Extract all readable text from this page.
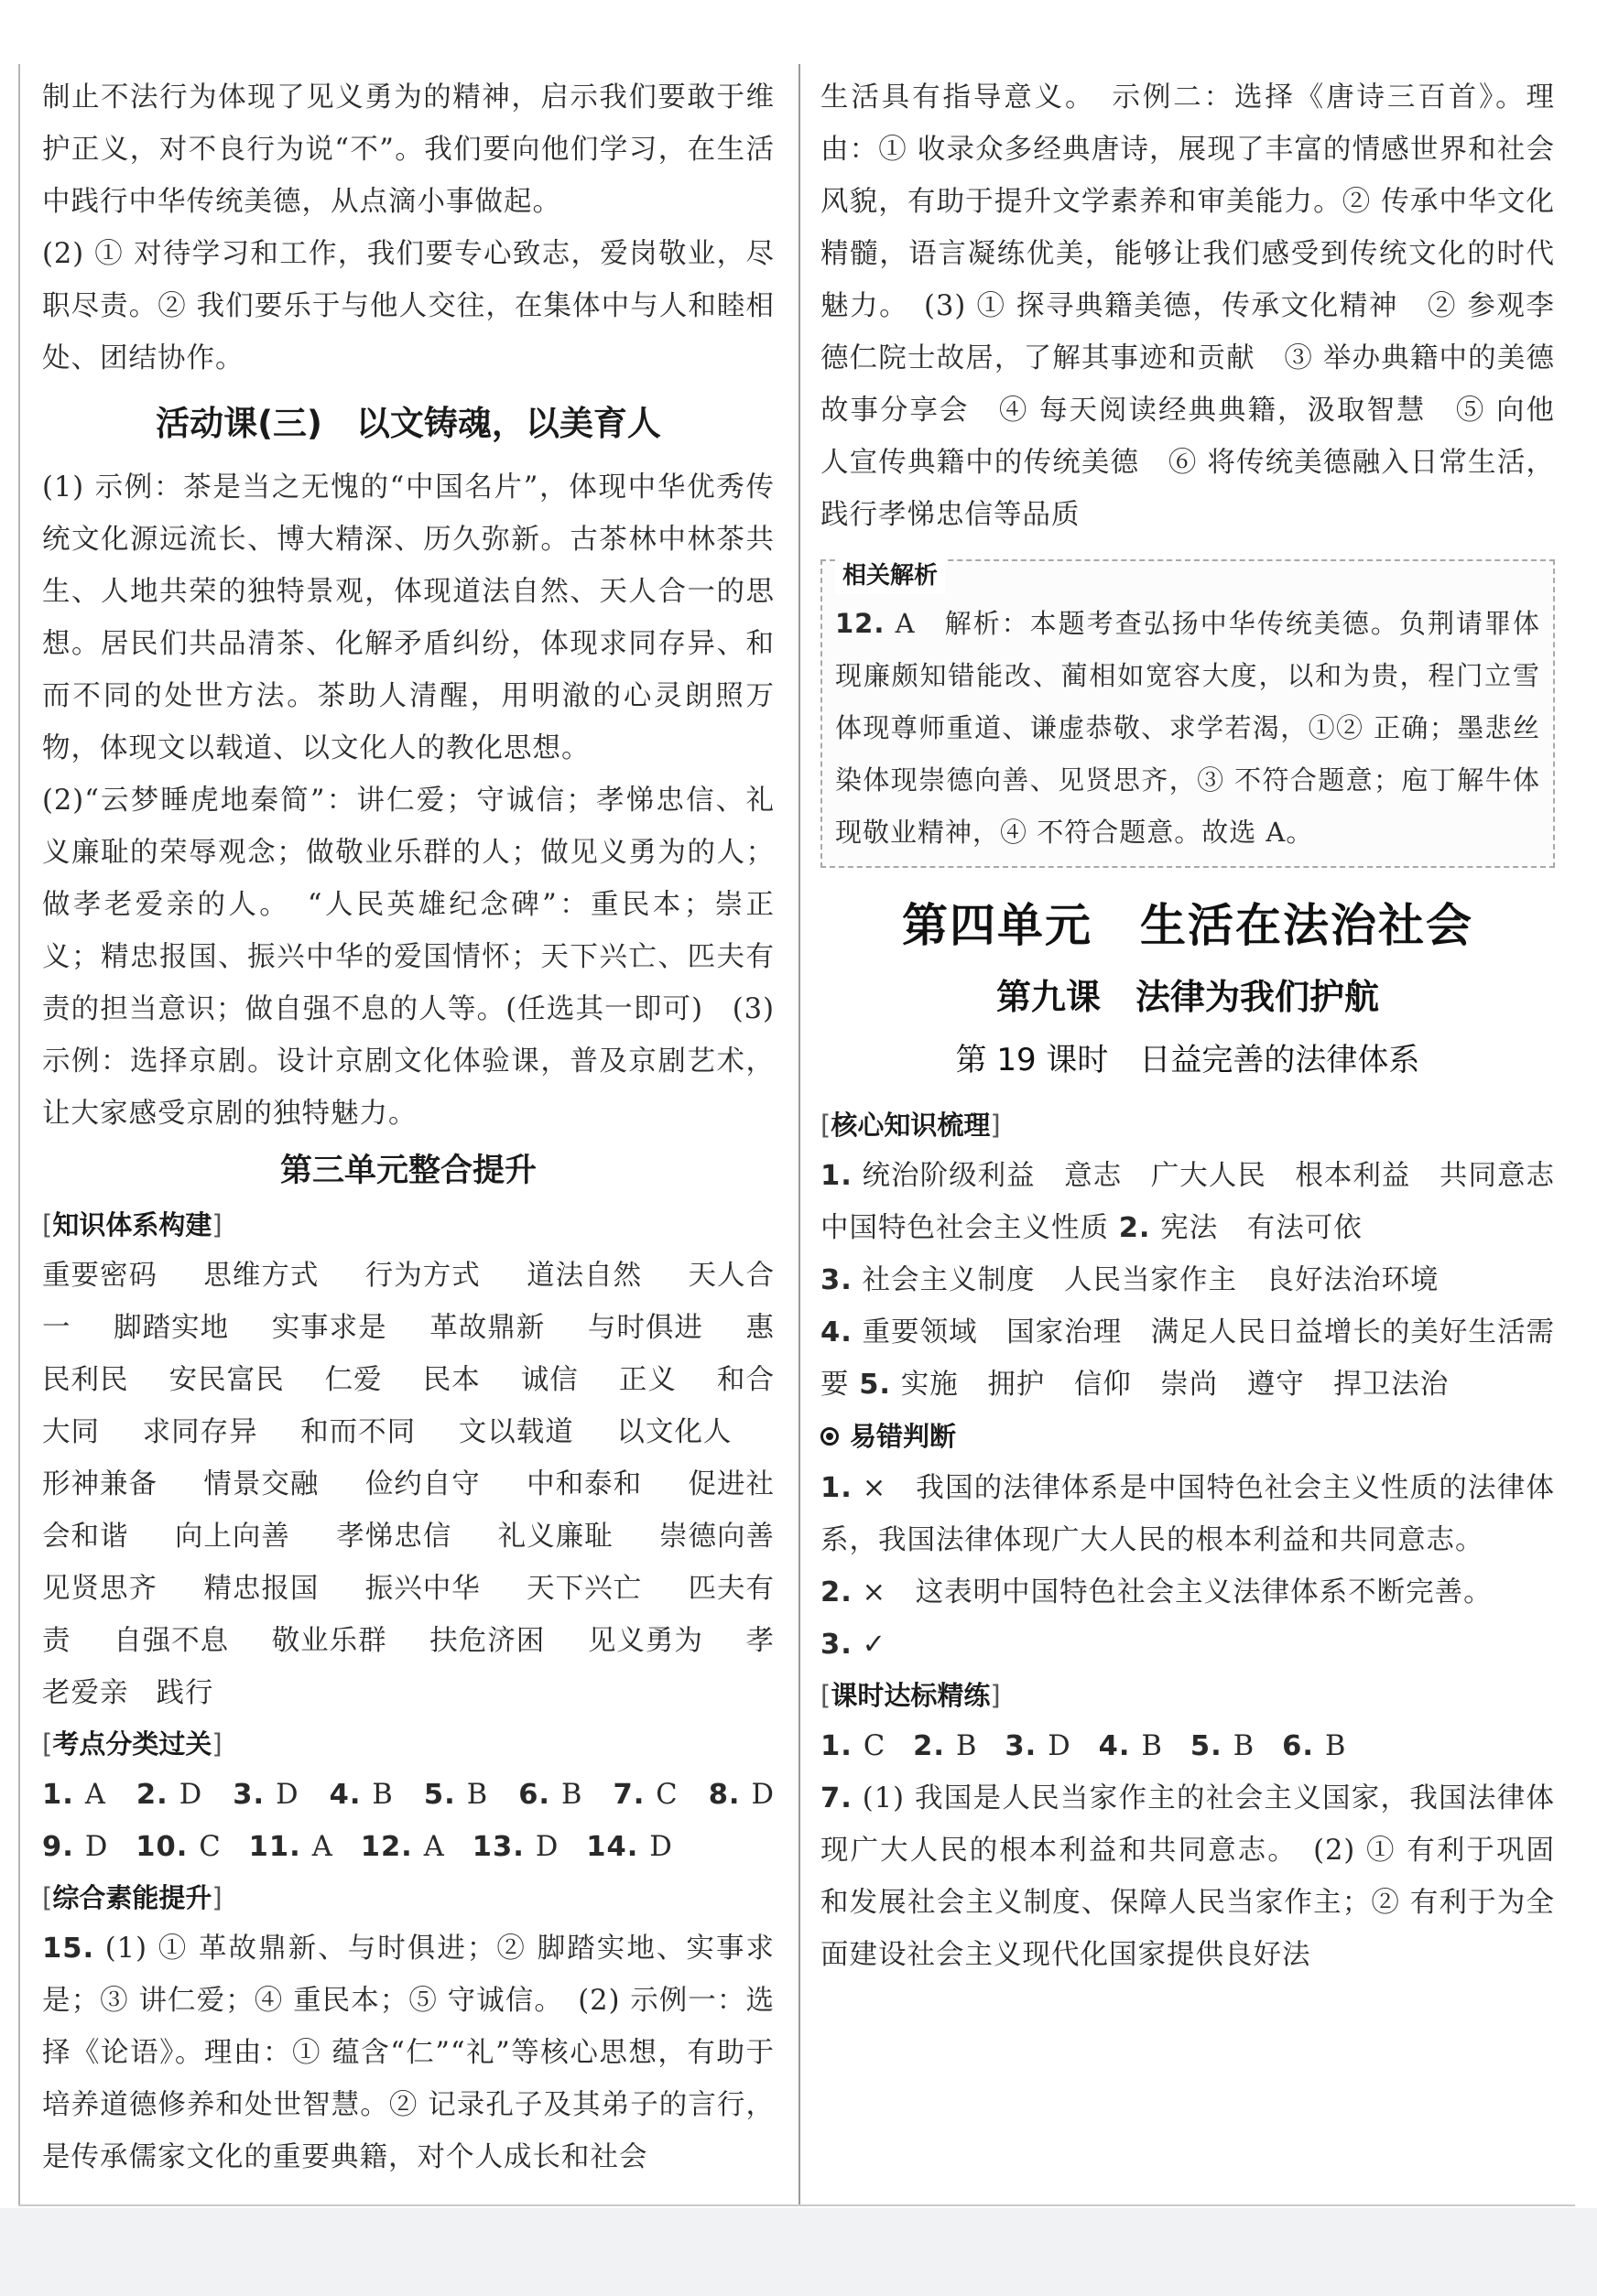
制止不法行为体现了见义勇为的精神，启示我们要敢于维护正义，对不良行为说“不”。我们要向他们学习，在生活中践行中华传统美德，从点滴小事做起。

(2) ① 对待学习和工作，我们要专心致志，爱岗敬业，尽职尽责。② 我们要乐于与他人交往，在集体中与人和睦相处、团结协作。

活动课(三)　以文铸魂，以美育人

(1) 示例：茶是当之无愧的“中国名片”，体现中华优秀传统文化源远流长、博大精深、历久弥新。古茶林中林茶共生、人地共荣的独特景观，体现道法自然、天人合一的思想。居民们共品清茶、化解矛盾纠纷，体现求同存异、和而不同的处世方法。茶助人清醒，用明澈的心灵朗照万物，体现文以载道、以文化人的教化思想。

(2)“云梦睡虎地秦简”：讲仁爱；守诚信；孝悌忠信、礼义廉耻的荣辱观念；做敬业乐群的人；做见义勇为的人；做孝老爱亲的人。　“人民英雄纪念碑”：重民本；崇正义；精忠报国、振兴中华的爱国情怀；天下兴亡、匹夫有责的担当意识；做自强不息的人等。(任选其一即可)　(3) 示例：选择京剧。设计京剧文化体验课，普及京剧艺术，让大家感受京剧的独特魅力。

第三单元整合提升
[知识体系构建]
重要密码 思维方式 行为方式 道法自然 天人合
一 脚踏实地 实事求是 革故鼎新 与时俱进 惠
民利民 安民富民 仁爱 民本 诚信 正义 和合
大同 求同存异 和而不同 文以载道 以文化人
形神兼备 情景交融 俭约自守 中和泰和 促进社
会和谐 向上向善 孝悌忠信 礼义廉耻 崇德向善
见贤思齐 精忠报国 振兴中华 天下兴亡 匹夫有
责 自强不息 敬业乐群 扶危济困 见义勇为 孝
老爱亲 践行
[考点分类过关]
1. A 2. D 3. D 4. B 5. B 6. B 7. C 8. D
9. D 10. C 11. A 12. A 13. D 14. D
[综合素能提升]

15. (1) ① 革故鼎新、与时俱进；② 脚踏实地、实事求是；③ 讲仁爱；④ 重民本；⑤ 守诚信。　(2) 示例一：选择《论语》。理由：① 蕴含“仁”“礼”等核心思想，有助于培养道德修养和处世智慧。② 记录孔子及其弟子的言行，是传承儒家文化的重要典籍，对个人成长和社会

生活具有指导意义。　示例二：选择《唐诗三百首》。理由：① 收录众多经典唐诗，展现了丰富的情感世界和社会风貌，有助于提升文学素养和审美能力。② 传承中华文化精髓，语言凝练优美，能够让我们感受到传统文化的时代魅力。　(3) ① 探寻典籍美德，传承文化精神　② 参观李德仁院士故居，了解其事迹和贡献　③ 举办典籍中的美德故事分享会　④ 每天阅读经典典籍，汲取智慧　⑤ 向他人宣传典籍中的传统美德　⑥ 将传统美德融入日常生活，践行孝悌忠信等品质

相关解析

12. A　解析：本题考查弘扬中华传统美德。负荆请罪体现廉颇知错能改、蔺相如宽容大度，以和为贵，程门立雪体现尊师重道、谦虚恭敬、求学若渴，①② 正确；墨悲丝染体现崇德向善、见贤思齐，③ 不符合题意；庖丁解牛体现敬业精神，④ 不符合题意。故选 A。

第四单元　生活在法治社会
第九课　法律为我们护航
第 19 课时　日益完善的法律体系
[核心知识梳理]

1. 统治阶级利益　意志　广大人民　根本利益　共同意志　中国特色社会主义性质 2. 宪法　有法可依
3. 社会主义制度　人民当家作主　良好法治环境
4. 重要领域　国家治理　满足人民日益增长的美好生活需要 5. 实施　拥护　信仰　崇尚　遵守　捍卫法治

易错判断

1. ×　我国的法律体系是中国特色社会主义性质的法律体系，我国法律体现广大人民的根本利益和共同意志。

2. ×　这表明中国特色社会主义法律体系不断完善。

3. ✓

[课时达标精练]
1. C 2. B 3. D 4. B 5. B 6. B

7. (1) 我国是人民当家作主的社会主义国家，我国法律体现广大人民的根本利益和共同意志。　(2) ① 有利于巩固和发展社会主义制度、保障人民当家作主；② 有利于为全面建设社会主义现代化国家提供良好法
